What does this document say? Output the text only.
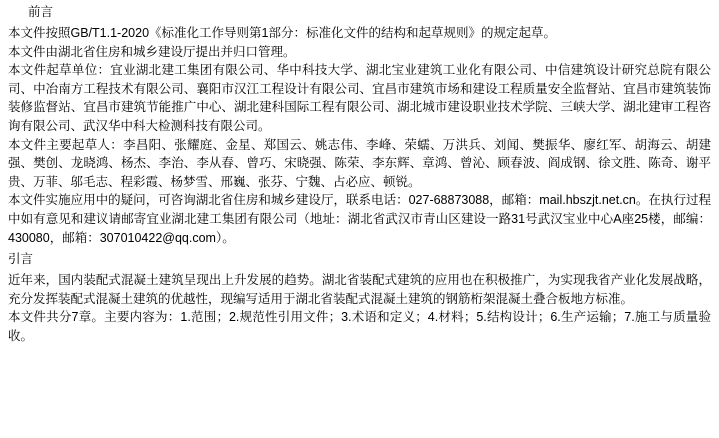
前言
本文件按照GB/T1.1-2020《标准化工作导则第1部分：标准化文件的结构和起草规则》的规定起草。
本文件由湖北省住房和城乡建设厅提出并归口管理。
本文件起草单位：宜业湖北建工集团有限公司、华中科技大学、湖北宝业建筑工业化有限公司、中信建筑设计研究总院有限公司、中冶南方工程技术有限公司、襄阳市汉江工程设计有限公司、宜昌市建筑市场和建设工程质量安全监督站、宜昌市建筑装饰装修监督站、宜昌市建筑节能推广中心、湖北建科国际工程有限公司、湖北城市建设职业技术学院、三峡大学、湖北建审工程咨询有限公司、武汉华中科大检测科技有限公司。
本文件主要起草人：李昌阳、张耀庭、金星、郑国云、姚志伟、李峰、荣蠕、万洪兵、刘闻、樊振华、廖红军、胡海云、胡建强、樊创、龙晓鸿、杨杰、李治、李从春、曾巧、宋晓强、陈荣、李东辉、章鸿、曾沁、顾春波、阎成钢、徐文胜、陈奇、谢平贵、万菲、邬毛志、程彩霞、杨梦雪、邢巍、张芬、宁魏、占必应、顿锐。
本文件实施应用中的疑问，可咨询湖北省住房和城乡建设厅，联系电话：027-68873088，邮箱：mail.hbszjt.net.cn。在执行过程中如有意见和建议请邮寄宜业湖北建工集团有限公司（地址：湖北省武汉市青山区建设一路31号武汉宝业中心A座25楼，邮编：430080，邮箱：307010422@qq.com）。
引言
近年来，国内装配式混凝土建筑呈现出上升发展的趋势。湖北省装配式建筑的应用也在积极推广，为实现我省产业化发展战略，充分发挥装配式混凝土建筑的优越性，现编写适用于湖北省装配式混凝土建筑的钢筋桁架混凝土叠合板地方标准。
本文件共分7章。主要内容为：1.范围；2.规范性引用文件；3.术语和定义；4.材料；5.结构设计；6.生产运输；7.施工与质量验收。
